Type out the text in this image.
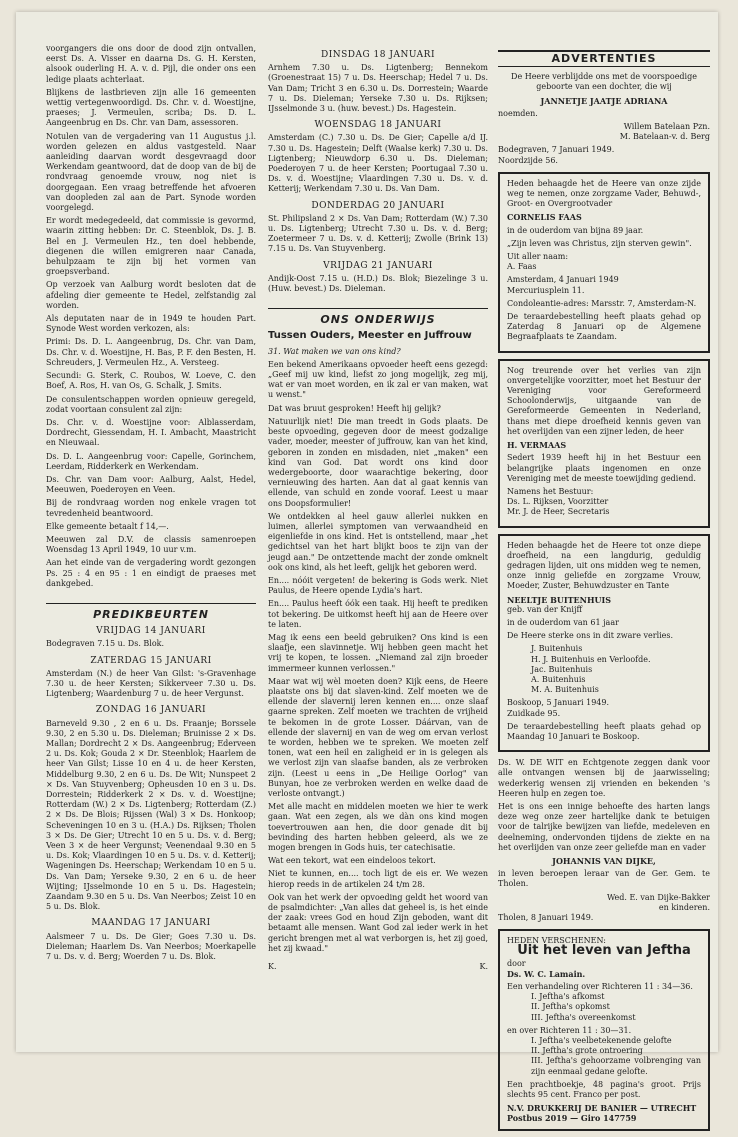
voorgangers die ons door de dood zijn ontvallen, eerst Ds. A. Visser en daarna Ds. G. H. Kersten, alsook ouderling H. A. v. d. Pijl, die onder ons een ledige plaats achterlaat.

Blijkens de lastbrieven zijn alle 16 gemeenten wettig vertegenwoordigd. Ds. Chr. v. d. Woestijne, praeses; J. Vermeulen, scriba; Ds. D. L. Aangeenbrug en Ds. Chr. van Dam, assessoren.

Notulen van de vergadering van 11 Augustus j.l. worden gelezen en aldus vastgesteld. Naar aanleiding daarvan wordt desgevraagd door Werkendam geantwoord, dat de doop van de bij de rondvraag genoemde vrouw, nog niet is doorgegaan. Een vraag betreffende het afvoeren van doopleden zal aan de Part. Synode worden voorgelegd.

Er wordt medegedeeld, dat commissie is gevormd, waarin zitting hebben: Dr. C. Steenblok, Ds. J. B. Bel en J. Vermeulen Hz., ten doel hebbende, diegenen die willen emigreren naar Canada, behulpzaam te zijn bij het vormen van groepsverband.

Op verzoek van Aalburg wordt besloten dat de afdeling dier gemeente te Hedel, zelfstandig zal worden.

Als deputaten naar de in 1949 te houden Part. Synode West worden verkozen, als:

Primi: Ds. D. L. Aangeenbrug, Ds. Chr. van Dam, Ds. Chr. v. d. Woestijne, H. Bas, P. F. den Besten, H. Schreuders, J. Vermeulen Hz., A. Versteeg.

Secundi: G. Sterk, C. Roubos, W. Loeve, C. den Boef, A. Ros, H. van Os, G. Schalk, J. Smits.

De consulentschappen worden opnieuw geregeld, zodat voortaan consulent zal zijn:

Ds. Chr. v. d. Woestijne voor: Alblasserdam, Dordrecht, Giessendam, H. I. Ambacht, Maastricht en Nieuwaal.

Ds. D. L. Aangeenbrug voor: Capelle, Gorinchem, Leerdam, Ridderkerk en Werkendam.

Ds. Chr. van Dam voor: Aalburg, Aalst, Hedel, Meeuwen, Poederoyen en Veen.

Bij de rondvraag worden nog enkele vragen tot tevredenheid beantwoord.

Elke gemeente betaalt f 14,—.

Meeuwen zal D.V. de classis samenroepen Woensdag 13 April 1949, 10 uur v.m.

Aan het einde van de vergadering wordt gezongen Ps. 25 : 4 en 95 : 1 en eindigt de praeses met dankgebed.

PREDIKBEURTEN
VRIJDAG 14 JANUARI

Bodegraven 7.15 u. Ds. Blok.

ZATERDAG 15 JANUARI

Amsterdam (N.) de heer Van Gilst: 's-Gravenhage 7.30 u. de heer Kersten; Sikkerveer 7.30 u. Ds. Ligtenberg; Waardenburg 7 u. de heer Vergunst.

ZONDAG 16 JANUARI

Barneveld 9.30 , 2 en 6 u. Ds. Fraanje; Borssele 9.30, 2 en 5.30 u. Ds. Dieleman; Bruinisse 2 × Ds. Mallan; Dordrecht 2 × Ds. Aangeenbrug; Ederveen 2 u. Ds. Kok; Gouda 2 × Dr. Steenblok; Haarlem de heer Van Gilst; Lisse 10 en 4 u. de heer Kersten, Middelburg 9.30, 2 en 6 u. Ds. De Wit; Nunspeet 2 × Ds. Van Stuyvenberg; Opheusden 10 en 3 u. Ds. Dorrestein; Ridderkerk 2 × Ds. v. d. Woestijne; Rotterdam (W.) 2 × Ds. Ligtenberg; Rotterdam (Z.) 2 × Ds. De Blois; Rijssen (Wal) 3 × Ds. Honkoop; Scheveningen 10 en 3 u. (H.A.) Ds. Rijksen; Tholen 3 × Ds. De Gier; Utrecht 10 en 5 u. Ds. v. d. Berg; Veen 3 × de heer Vergunst; Veenendaal 9.30 en 5 u. Ds. Kok; Vlaardingen 10 en 5 u. Ds. v. d. Ketterij; Wageningen Ds. Heerschap; Werkendam 10 en 5 u. Ds. Van Dam; Yerseke 9.30, 2 en 6 u. de heer Wijting; IJsselmonde 10 en 5 u. Ds. Hagestein; Zaandam 9.30 en 5 u. Ds. Van Neerbos; Zeist 10 en 5 u. Ds. Blok.

MAANDAG 17 JANUARI

Aalsmeer 7 u. Ds. De Gier; Goes 7.30 u. Ds. Dieleman; Haarlem Ds. Van Neerbos; Moerkapelle 7 u. Ds. v. d. Berg; Woerden 7 u. Ds. Blok.

DINSDAG 18 JANUARI

Arnhem 7.30 u. Ds. Ligtenberg; Bennekom (Groenestraat 15) 7 u. Ds. Heerschap; Hedel 7 u. Ds. Van Dam; Tricht 3 en 6.30 u. Ds. Dorrestein; Waarde 7 u. Ds. Dieleman; Yerseke 7.30 u. Ds. Rijksen; IJsselmonde 3 u. (huw. bevest.) Ds. Hagestein.

WOENSDAG 18 JANUARI

Amsterdam (C.) 7.30 u. Ds. De Gier; Capelle a/d IJ. 7.30 u. Ds. Hagestein; Delft (Waalse kerk) 7.30 u. Ds. Ligtenberg; Nieuwdorp 6.30 u. Ds. Dieleman; Poederoyen 7 u. de heer Kersten; Poortugaal 7.30 u. Ds. v. d. Woestijne; Vlaardingen 7.30 u. Ds. v. d. Ketterij; Werkendam 7.30 u. Ds. Van Dam.

DONDERDAG 20 JANUARI

St. Philipsland 2 × Ds. Van Dam; Rotterdam (W.) 7.30 u. Ds. Ligtenberg; Utrecht 7.30 u. Ds. v. d. Berg; Zoetermeer 7 u. Ds. v. d. Ketterij; Zwolle (Brink 13) 7.15 u. Ds. Van Stuyvenberg.

VRIJDAG 21 JANUARI

Andijk-Oost 7.15 u. (H.D.) Ds. Blok; Biezelinge 3 u. (Huw. bevest.) Ds. Dieleman.

ONS ONDERWIJS
Tussen Ouders, Meester en Juffrouw

31. Wat maken we van ons kind?

Een bekend Amerikaans opvoeder heeft eens gezegd: „Geef mij uw kind, liefst zo jong mogelijk, zeg mij, wat er van moet worden, en ik zal er van maken, wat u wenst."

Dat was bruut gesproken! Heeft hij gelijk?

Natuurlijk niet! Die man treedt in Gods plaats. De beste opvoeding, gegeven door de meest godzalige vader, moeder, meester of juffrouw, kan van het kind, geboren in zonden en misdaden, niet „maken" een kind van God. Dat wordt ons kind door wedergeboorte, door waarachtige bekering, door vernieuwing des harten. Aan dat al gaat kennis van ellende, van schuld en zonde vooraf. Leest u maar ons Doopsformulier!

We ontdekken al heel gauw allerlei nukken en luimen, allerlei symptomen van verwaandheid en eigenliefde in ons kind. Het is ontstellend, maar „het gedichtsel van het hart blijkt boos te zijn van der jeugd aan." De ontzettende macht der zonde omknelt ook ons kind, als het leeft, gelijk het geboren werd.

En.... nóóit vergeten! de bekering is Gods werk. Niet Paulus, de Heere opende Lydia's hart.

En.... Paulus heeft óók een taak. Hij heeft te prediken tot bekering. De uitkomst heeft hij aan de Heere over te laten.

Mag ik eens een beeld gebruiken? Ons kind is een slaafje, een slavinnetje. Wij hebben geen macht het vrij te kopen, te lossen. „Niemand zal zijn broeder immermeer kunnen verlossen."

Maar wat wij wèl moeten doen? Kijk eens, de Heere plaatste ons bij dat slaven-kind. Zelf moeten we de ellende der slavernij leren kennen en.... onze slaaf gaarne spreken. Zelf moeten we trachten de vrijheid te bekomen in de grote Losser. Dáárvan, van de ellende der slavernij en van de weg om ervan verlost te worden, hebben we te spreken. We moeten zelf tonen, wat een heil en zaligheid er in is gelegen als we verlost zijn van slaafse banden, als ze verbroken zijn. (Leest u eens in „De Heilige Oorlog" van Bunyan, hoe ze verbroken werden en welke daad de verloste ontvangt.)

Met alle macht en middelen moeten we hier te werk gaan. Wat een zegen, als we dàn ons kind mogen toevertrouwen aan hen, die door genade dit bij bevinding des harten hebben geleerd, als we ze mogen brengen in Gods huis, ter catechisatie.

Wat een tekort, wat een eindeloos tekort.

Niet te kunnen, en.... toch ligt de eis er. We wezen hierop reeds in de artikelen 24 t/m 28.

Ook van het werk der opvoeding geldt het woord van de psalmdichter: „Van alles dat geheel is, is het einde der zaak: vrees God en houd Zijn geboden, want dit betaamt alle mensen. Want God zal ieder werk in het gericht brengen met al wat verborgen is, het zij goed, het zij kwaad."

K.	K.
ADVERTENTIES

De Heere verblijdde ons met de voorspoedige geboorte van een dochter, die wij

JANNETJE JAATJE ADRIANA

noemden.

Willem Batelaan Pzn.

M. Batelaan-v. d. Berg

Bodegraven, 7 Januari 1949.

Noordzijde 56.

Heden behaagde het de Heere van onze zijde weg te nemen, onze zorgzame Vader, Behuwd-, Groot- en Overgrootvader

CORNELIS FAAS

in de ouderdom van bijna 89 jaar.

„Zijn leven was Christus, zijn sterven gewin".

Uit aller naam:

A. Faas

Amsterdam, 4 Januari 1949

Mercuriusplein 11.

Condoleantie-adres: Marsstr. 7, Amsterdam-N.

De teraardebestelling heeft plaats gehad op Zaterdag 8 Januari op de Algemene Begraafplaats te Zaandam.

Nog treurende over het verlies van zijn onvergetelijke voorzitter, moet het Bestuur der Vereniging voor Gereformeerd Schoolonderwijs, uitgaande van de Gereformeerde Gemeenten in Nederland, thans met diepe droefheid kennis geven van het overlijden van een zijner leden, de heer

H. VERMAAS

Sedert 1939 heeft hij in het Bestuur een belangrijke plaats ingenomen en onze Vereniging met de meeste toewijding gediend.

Namens het Bestuur:

Ds. L. Rijksen, Voorzitter

Mr. J. de Heer, Secretaris

Heden behaagde het de Heere tot onze diepe droefheid, na een langdurig, geduldig gedragen lijden, uit ons midden weg te nemen, onze innig geliefde en zorgzame Vrouw, Moeder, Zuster, Behuwdzuster en Tante

NEELTJE BUITENHUIS

geb. van der Knijff

in de ouderdom van 61 jaar

De Heere sterke ons in dit zware verlies.

J. Buitenhuis

H. J. Buitenhuis en Verloofde.

Jac. Buitenhuis

A. Buitenhuis

M. A. Buitenhuis

Boskoop, 5 Januari 1949.

Zuidkade 95.

De teraardebestelling heeft plaats gehad op Maandag 10 Januari te Boskoop.

Ds. W. DE WIT en Echtgenote zeggen dank voor alle ontvangen wensen bij de jaarwisseling; wederkerig wensen zij vrienden en bekenden 's Heeren hulp en zegen toe.

Het is ons een innige behoefte des harten langs deze weg onze zeer hartelijke dank te betuigen voor de talrijke bewijzen van liefde, medeleven en deelneming, ondervonden tijdens de ziekte en na het overlijden van onze zeer geliefde man en vader

JOHANNIS VAN DIJKE,

in leven beroepen leraar van de Ger. Gem. te Tholen.

Wed. E. van Dijke-Bakker

en kinderen.

Tholen, 8 Januari 1949.

HEDEN VERSCHENEN:

Uit het leven van Jeftha

door

Ds. W. C. Lamain.

Een verhandeling over Richteren 11 : 34—36.

I. Jeftha's afkomst

II. Jeftha's opkomst

III. Jeftha's overeenkomst

en over Richteren 11 : 30—31.

I. Jeftha's veelbetekenende gelofte

II. Jeftha's grote ontroering

III. Jeftha's gehoorzame volbrenging van zijn eenmaal gedane gelofte.

Een prachtboekje, 48 pagina's groot. Prijs slechts 95 cent. Franco per post.

N.V. DRUKKERIJ DE BANIER — UTRECHT

Postbus 2019 — Giro 147759
